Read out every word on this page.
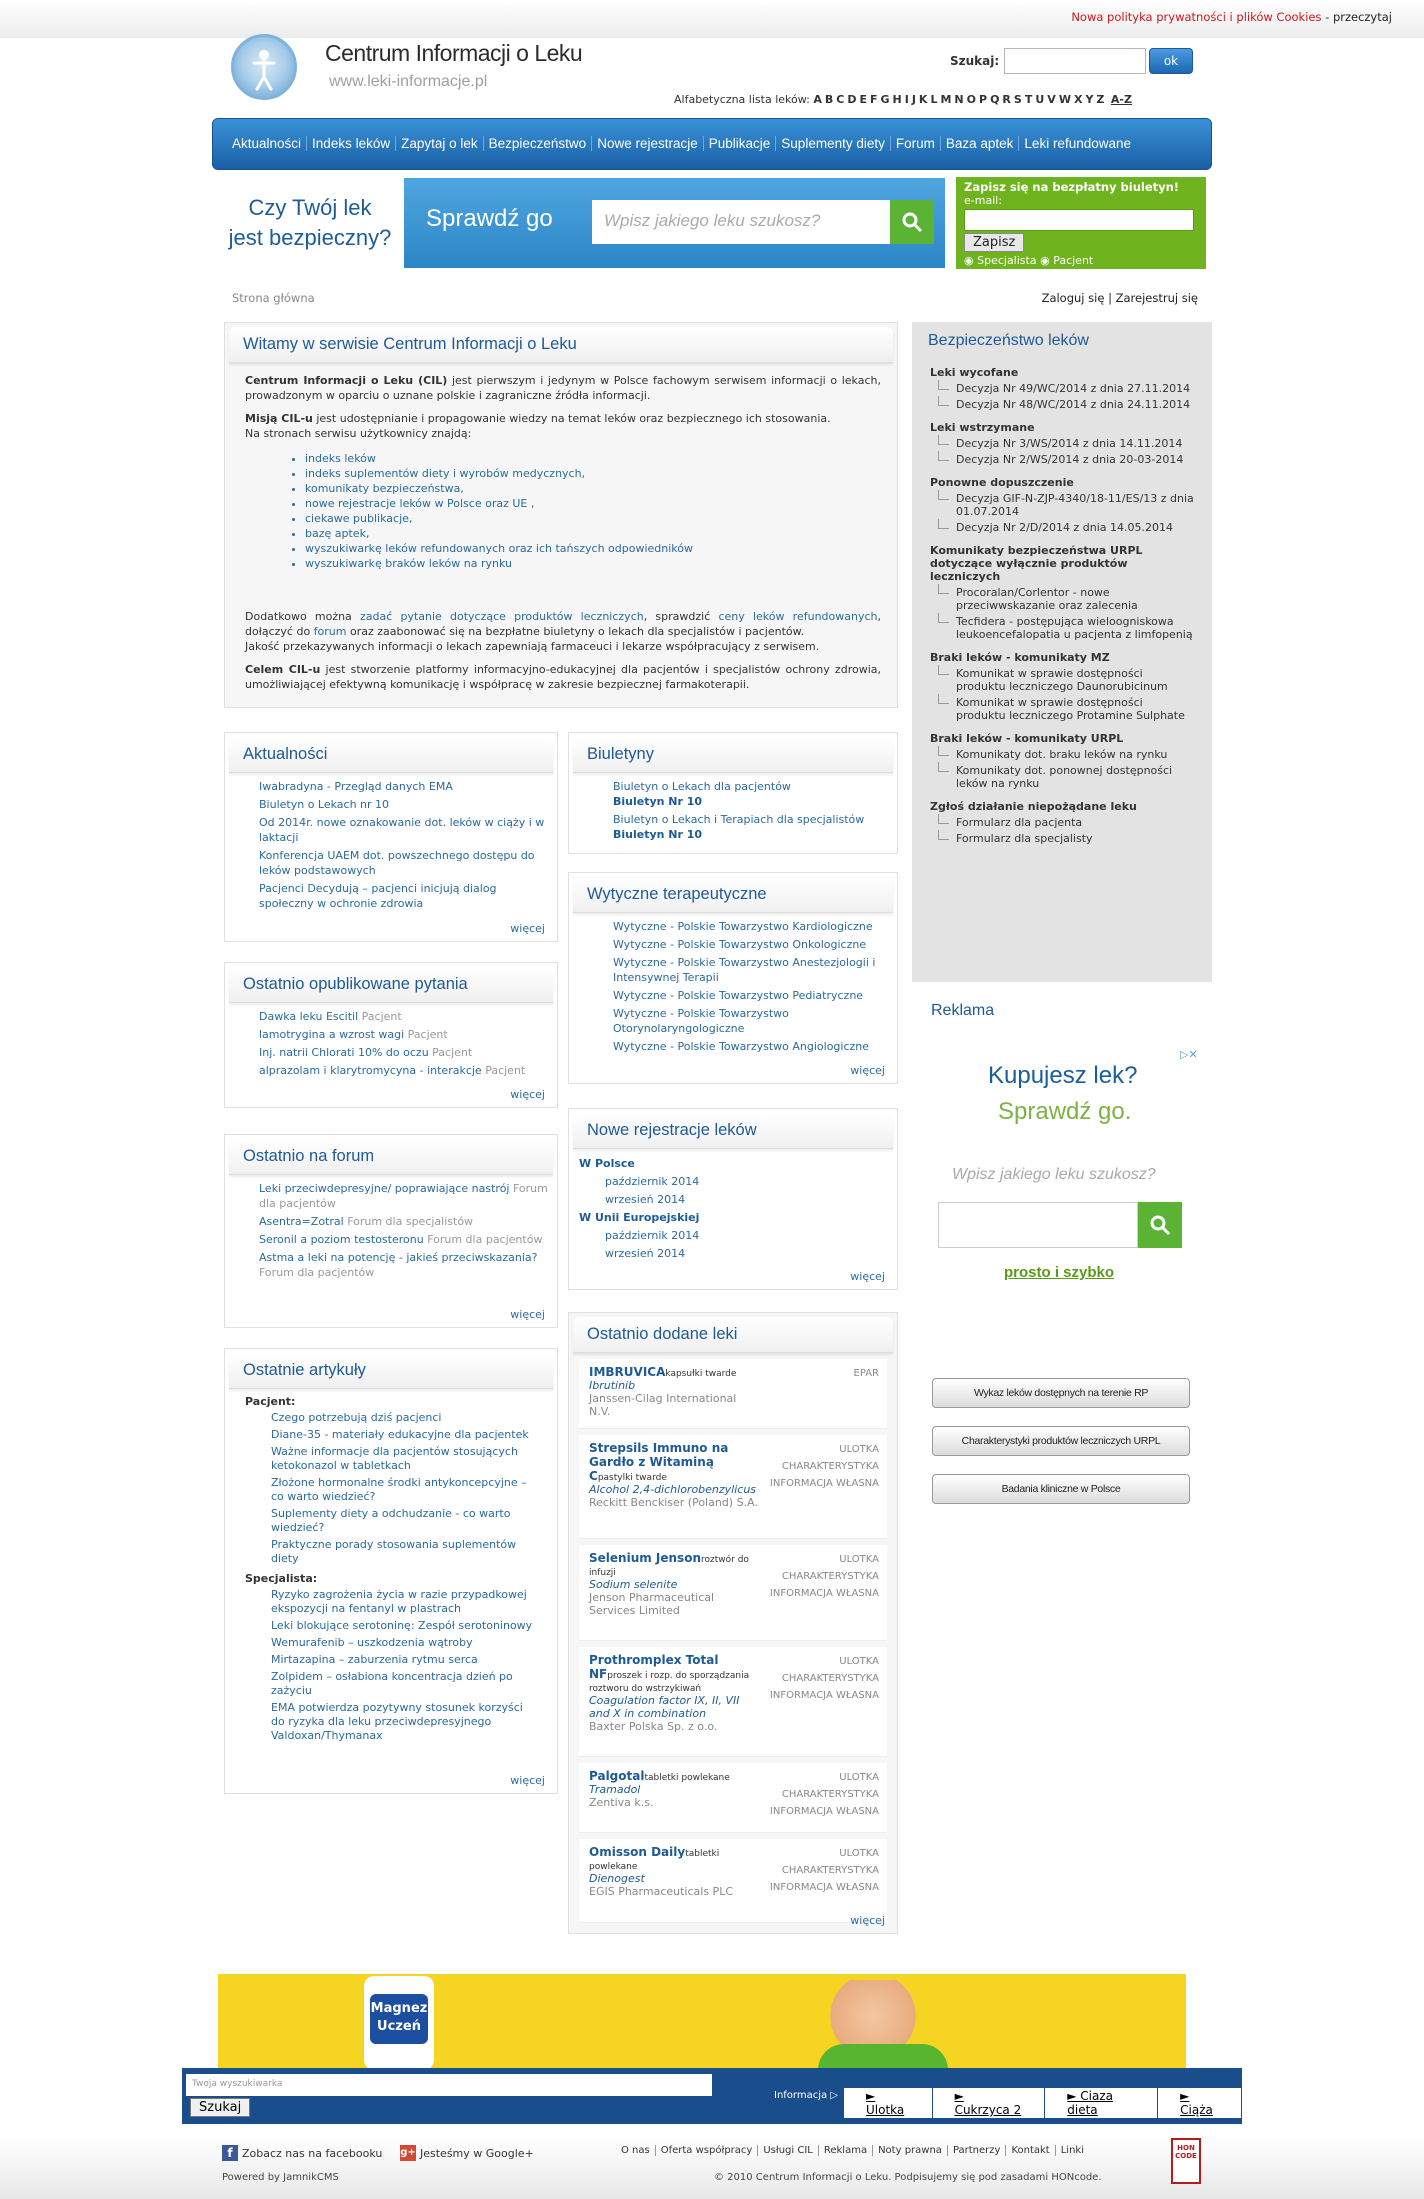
Nowa polityka prywatności i plików Cookies - przeczytaj
Centrum Informacji o Leku
www.leki-informacje.pl
Szukaj:	ok
Alfabetyczna lista leków: A B C D E F G H I J K L M N O P Q R S T U V W X Y Z A-Z
Aktualności Indeks leków Zapytaj o lek Bezpieczeństwo Nowe rejestracje Publikacje Suplementy diety Forum Baza aptek Leki refundowane
Czy Twój lek
jest bezpieczny?
Sprawdź go	Wpisz jakiego leku szukosz?
▷✕	Zapisz się na bezpłatny biuletyn!
e-mail:
Zapisz
◉ Specjalista ◉ Pacjent
Strona główna	Zaloguj się | Zarejestruj się
Witamy w serwisie Centrum Informacji o Leku

Centrum Informacji o Leku (CIL) jest pierwszym i jedynym w Polsce fachowym serwisem informacji o lekach, prowadzonym w oparciu o uznane polskie i zagraniczne źródła informacji.

Misją CIL-u jest udostępnianie i propagowanie wiedzy na temat leków oraz bezpiecznego ich stosowania.

Na stronach serwisu użytkownicy znajdą:

• indeks leków
• indeks suplementów diety i wyrobów medycznych,
• komunikaty bezpieczeństwa,
• nowe rejestracje leków w Polsce oraz UE ,
• ciekawe publikacje,
• bazę aptek,
• wyszukiwarkę leków refundowanych oraz ich tańszych odpowiedników
• wyszukiwarkę braków leków na rynku

Dodatkowo można zadać pytanie dotyczące produktów leczniczych, sprawdzić ceny leków refundowanych, dołączyć do forum oraz zaabonować się na bezpłatne biuletyny o lekach dla specjalistów i pacjentów.

Jakość przekazywanych informacji o lekach zapewniają farmaceuci i lekarze współpracujący z serwisem.

Celem CIL-u jest stworzenie platformy informacyjno-edukacyjnej dla pacjentów i specjalistów ochrony zdrowia, umożliwiającej efektywną komunikację i współpracę w zakresie bezpiecznej farmakoterapii.

Aktualności
Iwabradyna - Przegląd danych EMA
Biuletyn o Lekach nr 10
Od 2014r. nowe oznakowanie dot. leków w ciąży i w laktacji
Konferencja UAEM dot. powszechnego dostępu do leków podstawowych
Pacjenci Decydują – pacjenci inicjują dialog społeczny w ochronie zdrowia
więcej
Ostatnio opublikowane pytania
Dawka leku Escitil Pacjent
lamotrygina a wzrost wagi Pacjent
Inj. natrii Chlorati 10% do oczu Pacjent
alprazolam i klarytromycyna - interakcje Pacjent
więcej
Ostatnio na forum
Leki przeciwdepresyjne/ poprawiające nastrój Forum dla pacjentów
Asentra=Zotral Forum dla specjalistów
Seronil a poziom testosteronu Forum dla pacjentów
Astma a leki na potencję - jakieś przeciwskazania? Forum dla pacjentów
więcej
Ostatnie artykuły
Pacjent:
Czego potrzebują dziś pacjenci
Diane-35 - materiały edukacyjne dla pacjentek
Ważne informacje dla pacjentów stosujących ketokonazol w tabletkach
Złożone hormonalne środki antykoncepcyjne – co warto wiedzieć?
Suplementy diety a odchudzanie - co warto wiedzieć?
Praktyczne porady stosowania suplementów diety
Specjalista:
Ryzyko zagrożenia życia w razie przypadkowej ekspozycji na fentanyl w plastrach
Leki blokujące serotoninę: Zespół serotoninowy
Wemurafenib – uszkodzenia wątroby
Mirtazapina – zaburzenia rytmu serca
Zolpidem – osłabiona koncentracja dzień po zażyciu
EMA potwierdza pozytywny stosunek korzyści do ryzyka dla leku przeciwdepresyjnego Valdoxan/Thymanax
więcej
Biuletyny
Biuletyn o Lekach dla pacjentów
Biuletyn Nr 10
Biuletyn o Lekach i Terapiach dla specjalistów
Biuletyn Nr 10
Wytyczne terapeutyczne
Wytyczne - Polskie Towarzystwo Kardiologiczne
Wytyczne - Polskie Towarzystwo Onkologiczne
Wytyczne - Polskie Towarzystwo Anestezjologii i Intensywnej Terapii
Wytyczne - Polskie Towarzystwo Pediatryczne
Wytyczne - Polskie Towarzystwo Otorynolaryngologiczne
Wytyczne - Polskie Towarzystwo Angiologiczne
więcej
Nowe rejestracje leków
W Polsce
październik 2014
wrzesień 2014
W Unii Europejskiej
październik 2014
wrzesień 2014
więcej
Ostatnio dodane leki
IMBRUVICAkapsułki twarde
Ibrutinib
Janssen-Cilag International N.V.
EPAR
Strepsils Immuno na Gardło z Witaminą Cpastylki twarde
Alcohol 2,4-dichlorobenzylicus
Reckitt Benckiser (Poland) S.A.
ULOTKA
CHARAKTERYSTYKA
INFORMACJA WŁASNA
Selenium Jensonroztwór do infuzji
Sodium selenite
Jenson Pharmaceutical Services Limited
ULOTKA
CHARAKTERYSTYKA
INFORMACJA WŁASNA
Prothromplex Total NFproszek i rozp. do sporządzania roztworu do wstrzykiwań
Coagulation factor IX, II, VII and X in combination
Baxter Polska Sp. z o.o.
ULOTKA
CHARAKTERYSTYKA
INFORMACJA WŁASNA
Palgotaltabletki powlekane
Tramadol
Zentiva k.s.
ULOTKA
CHARAKTERYSTYKA
INFORMACJA WŁASNA
Omisson Dailytabletki powlekane
Dienogest
EGIS Pharmaceuticals PLC
ULOTKA
CHARAKTERYSTYKA
INFORMACJA WŁASNA
więcej
Bezpieczeństwo leków
Leki wycofane
Decyzja Nr 49/WC/2014 z dnia 27.11.2014
Decyzja Nr 48/WC/2014 z dnia 24.11.2014
Leki wstrzymane
Decyzja Nr 3/WS/2014 z dnia 14.11.2014
Decyzja Nr 2/WS/2014 z dnia 20-03-2014
Ponowne dopuszczenie
Decyzja GIF-N-ZJP-4340/18-11/ES/13 z dnia 01.07.2014
Decyzja Nr 2/D/2014 z dnia 14.05.2014
Komunikaty bezpieczeństwa URPL dotyczące wyłącznie produktów leczniczych
Procoralan/Corlentor - nowe przeciwwskazanie oraz zalecenia
Tecfidera - postępująca wieloogniskowa leukoencefalopatia u pacjenta z limfopenią
Braki leków - komunikaty MZ
Komunikat w sprawie dostępności produktu leczniczego Daunorubicinum
Komunikat w sprawie dostępności produktu leczniczego Protamine Sulphate
Braki leków - komunikaty URPL
Komunikaty dot. braku leków na rynku
Komunikaty dot. ponownej dostępności leków na rynku
Zgłoś działanie niepożądane leku
Formularz dla pacjenta
Formularz dla specjalisty
Reklama
Kupujesz lek?
Sprawdź go.
Wpisz jakiego leku szukosz?
prosto i szybko
▷✕
Wykaz leków dostępnych na terenie RP
Charakterystyki produktów leczniczych URPL
Badania kliniczne w Polsce
Magnez
Uczeń
Twoja wyszukiwarka
Szukaj
Informacja ▷	► Ulotka
► Cukrzyca 2
► Ciaza dieta
► Ciąża
f Zobacz nas na facebooku g+ Jesteśmy w Google+
Powered by JamnikCMS
O nas	Oferta współpracy	Usługi CIL	Reklama	Noty prawna	Partnerzy	Kontakt	Linki
© 2010 Centrum Informacji o Leku. Podpisujemy się pod zasadami HONcode.
HON CODE
